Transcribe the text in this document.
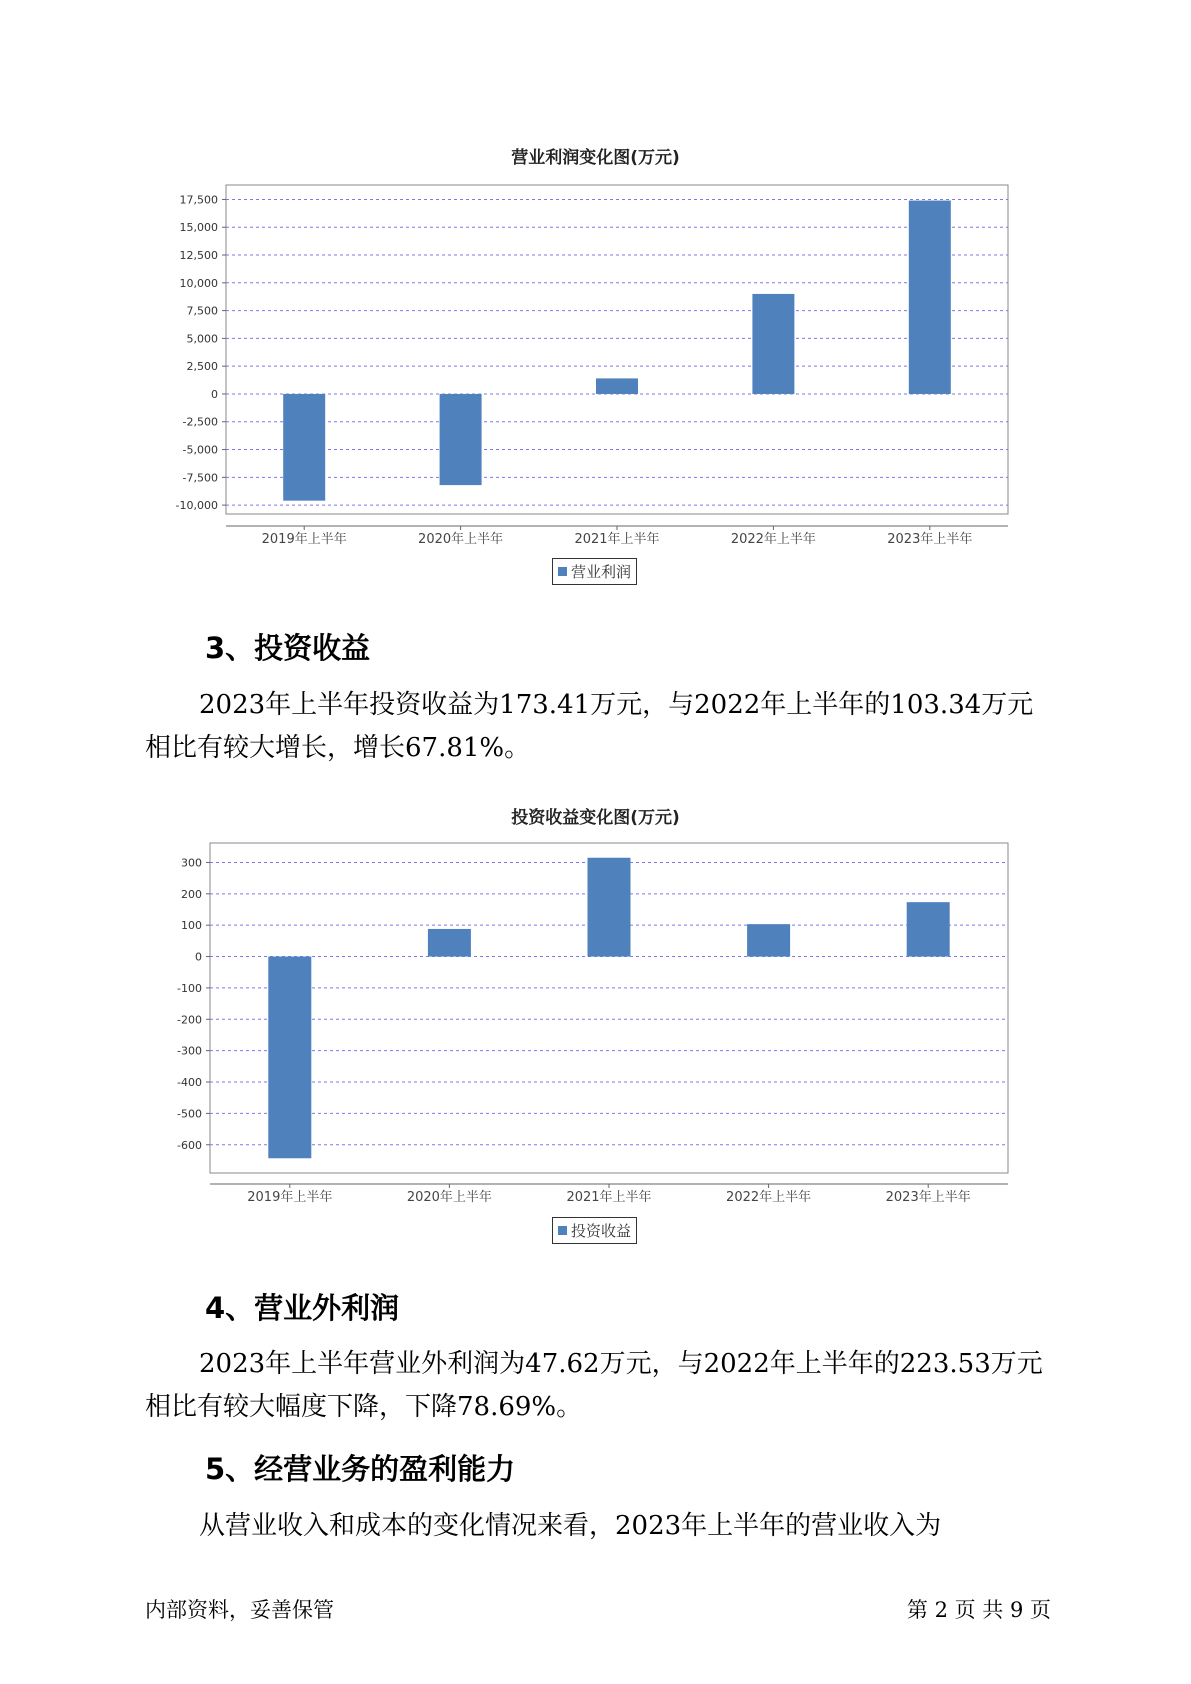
营业利润变化图(万元)
17,500
15,000
12,500
10,000
7,500
5,000
2,500
0
-2,500
-5,000
-7,500
-10,000
2019年上半年	2020年上半年	2021年上半年	2022年上半年	2023年上半年
营业利润
3、投资收益
2023年上半年投资收益为173.41万元，与2022年上半年的103.34万元
相比有较大增长，增长67.81%。
投资收益变化图(万元)
300
200
100
0
-100
-200
-300
-400
-500
-600
2019年上半年	2020年上半年	2021年上半年	2022年上半年	2023年上半年
投资收益
4、营业外利润
2023年上半年营业外利润为47.62万元，与2022年上半年的223.53万元
相比有较大幅度下降，下降78.69%。
5、经营业务的盈利能力
从营业收入和成本的变化情况来看，2023年上半年的营业收入为
内部资料，妥善保管	第 2 页 共 9 页
